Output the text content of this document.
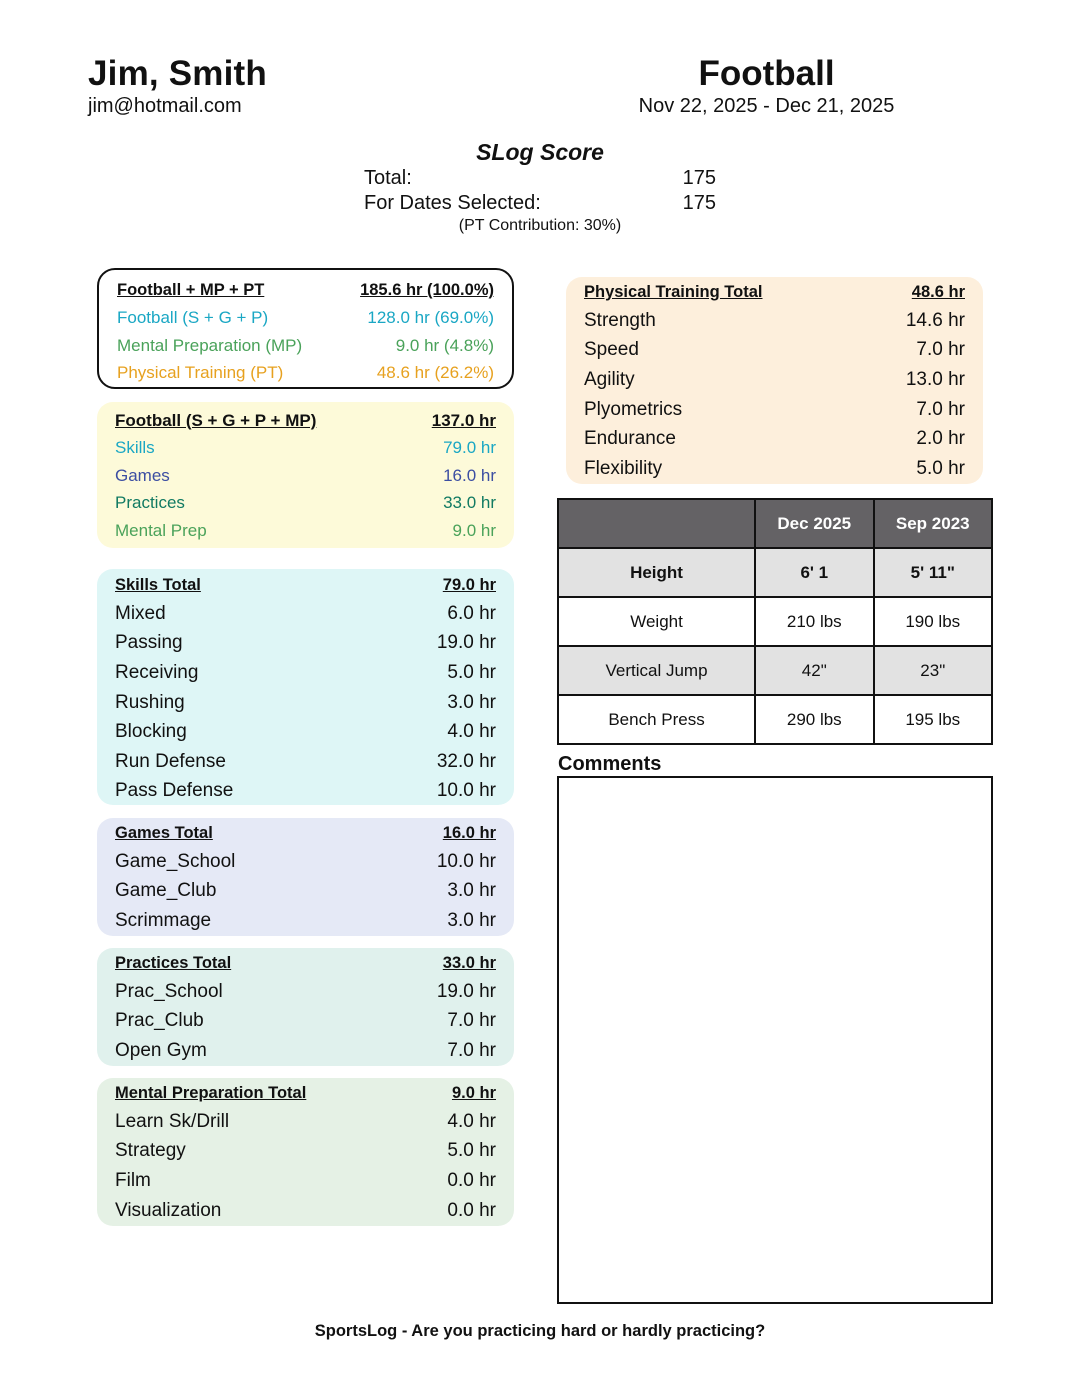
Jim, Smith
jim@hotmail.com
Football
Nov 22, 2025 - Dec 21, 2025
SLog Score
Total:	175
For Dates Selected:	175
(PT Contribution: 30%)
Football + MP + PT	185.6 hr (100.0%)
Football (S + G + P)	128.0 hr (69.0%)
Mental Preparation (MP)	9.0 hr (4.8%)
Physical Training (PT)	48.6 hr (26.2%)
Football (S + G + P + MP)	137.0 hr
Skills	79.0 hr
Games	16.0 hr
Practices	33.0 hr
Mental Prep	9.0 hr
Skills Total	79.0 hr
Mixed	6.0 hr
Passing	19.0 hr
Receiving	5.0 hr
Rushing	3.0 hr
Blocking	4.0 hr
Run Defense	32.0 hr
Pass Defense	10.0 hr
Games Total	16.0 hr
Game_School	10.0 hr
Game_Club	3.0 hr
Scrimmage	3.0 hr
Practices Total	33.0 hr
Prac_School	19.0 hr
Prac_Club	7.0 hr
Open Gym	7.0 hr
Mental Preparation Total	9.0 hr
Learn Sk/Drill	4.0 hr
Strategy	5.0 hr
Film	0.0 hr
Visualization	0.0 hr
Physical Training Total	48.6 hr
Strength	14.6 hr
Speed	7.0 hr
Agility	13.0 hr
Plyometrics	7.0 hr
Endurance	2.0 hr
Flexibility	5.0 hr
	Dec 2025	Sep 2023
Height	6' 1	5' 11"
Weight	210 lbs	190 lbs
Vertical Jump	42"	23"
Bench Press	290 lbs	195 lbs
Comments
SportsLog - Are you practicing hard or hardly practicing?
